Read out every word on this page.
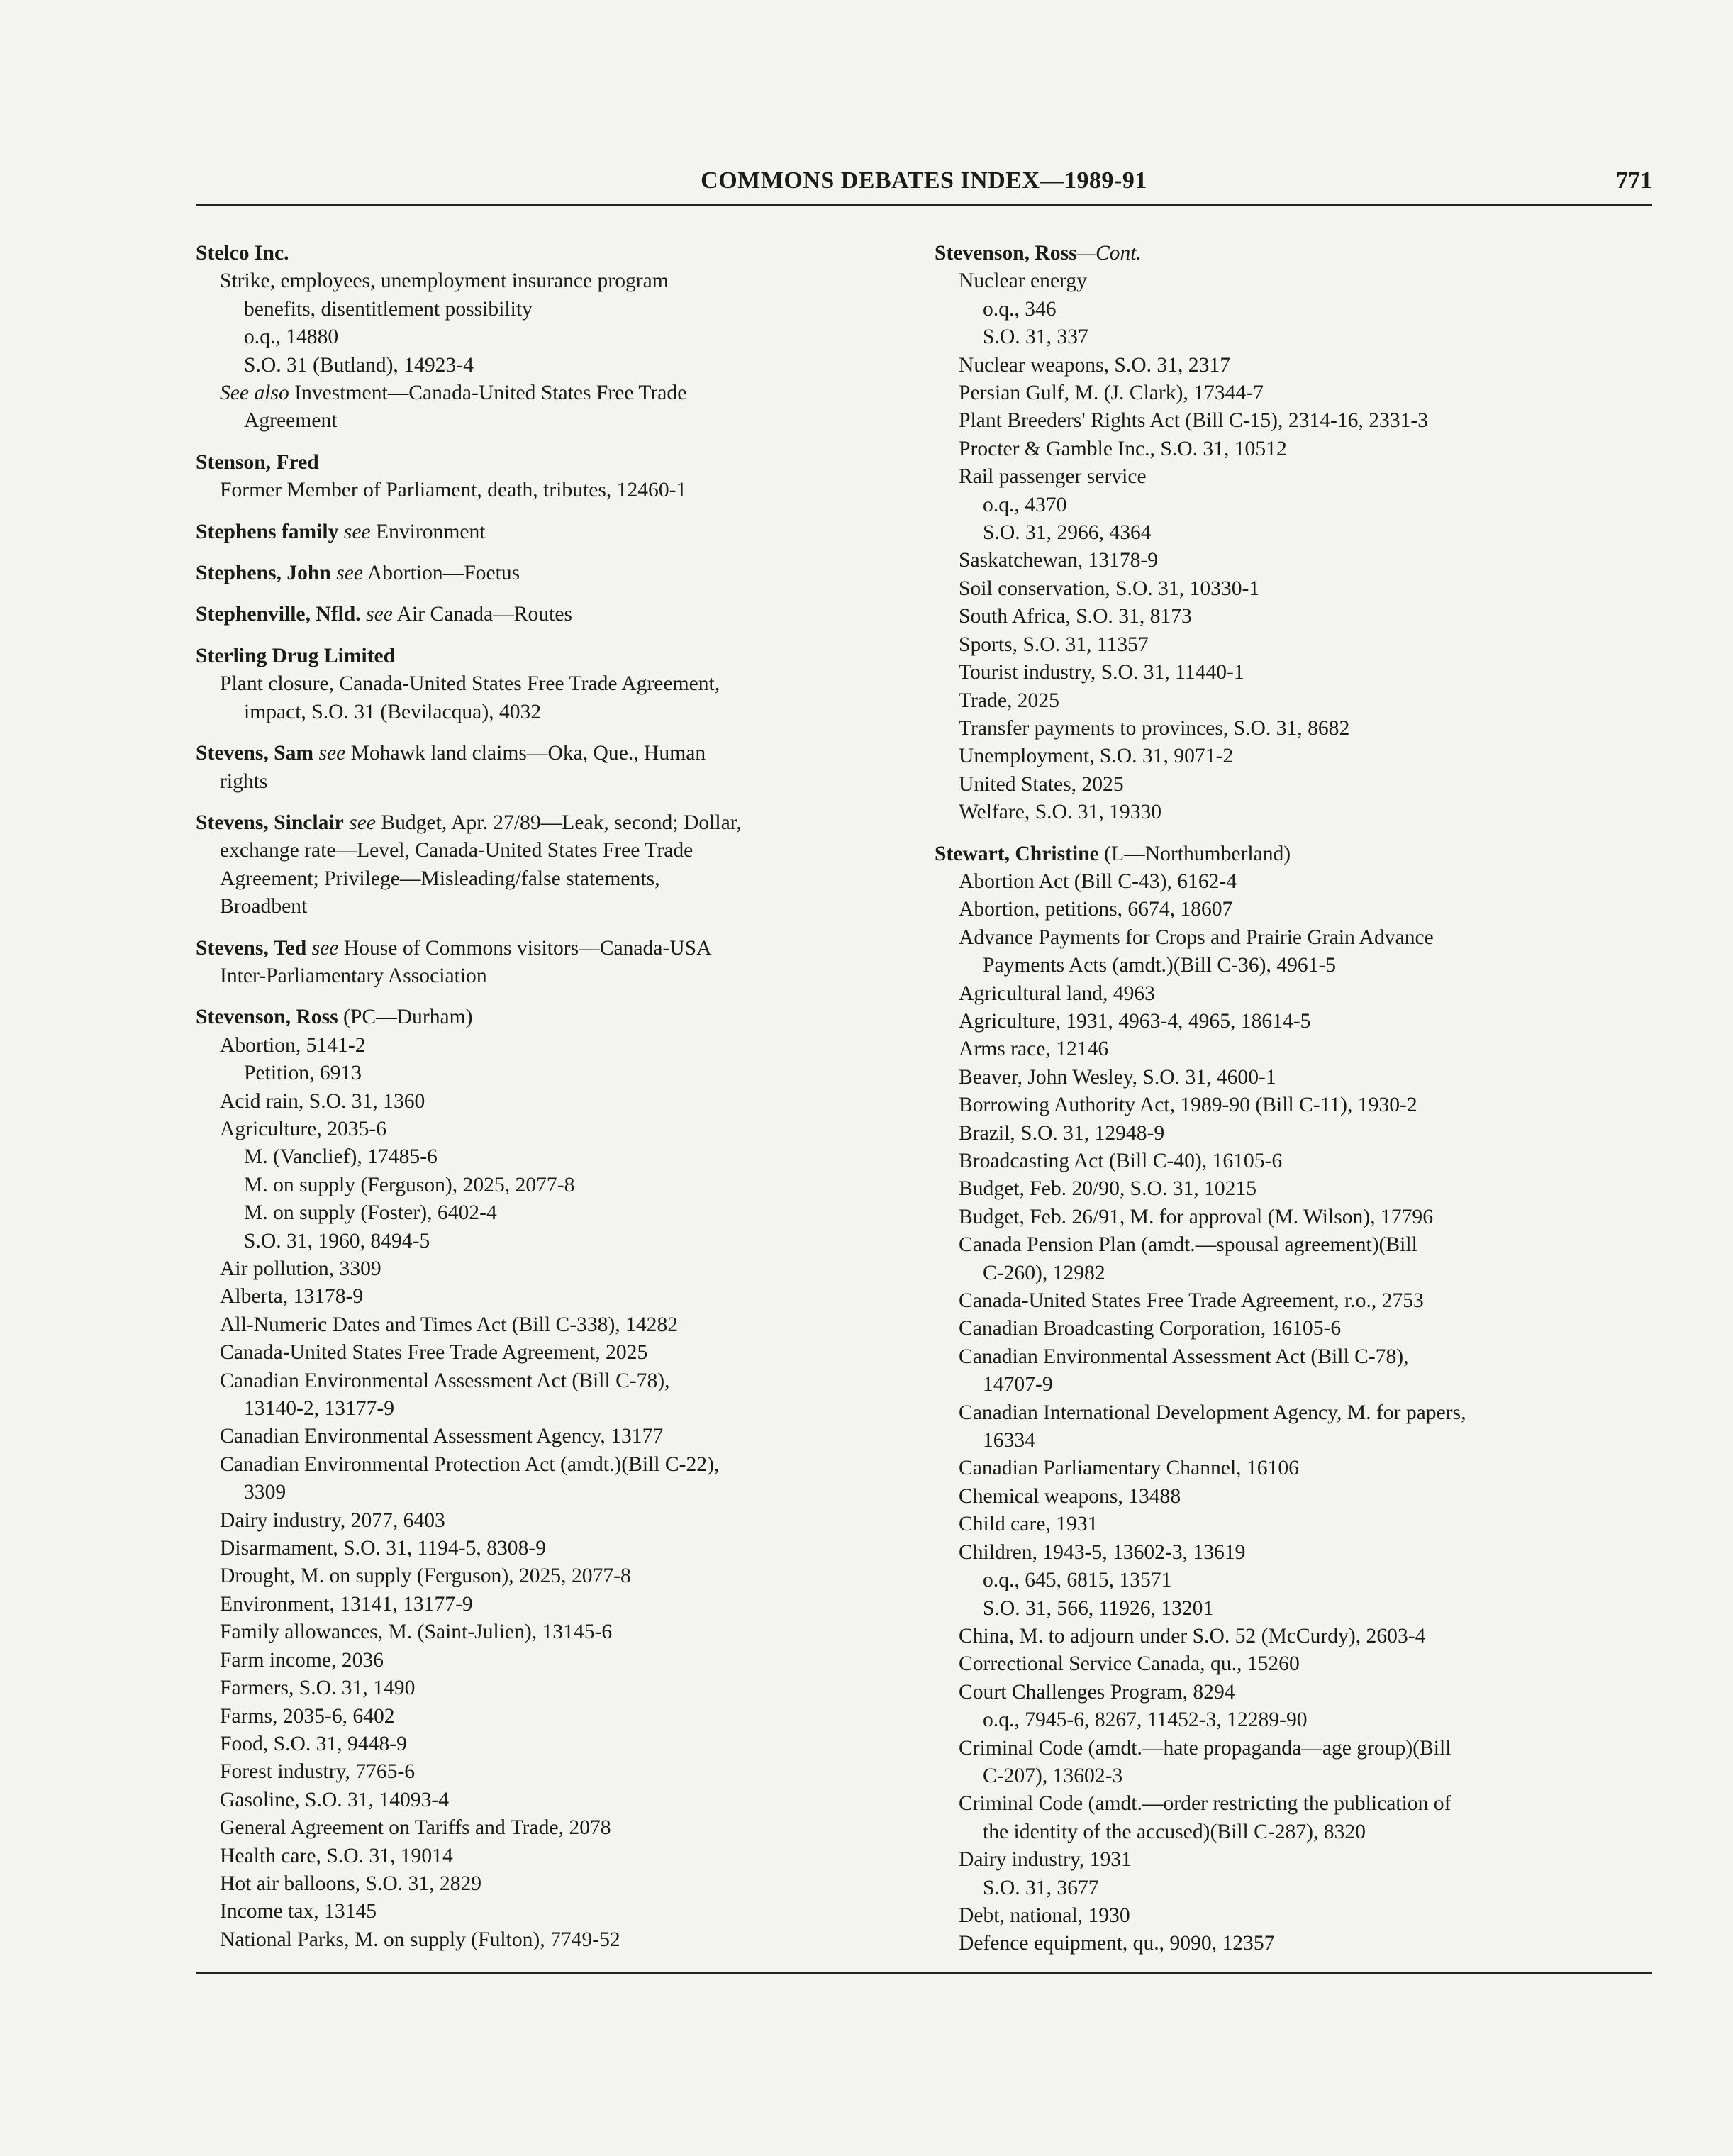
COMMONS DEBATES INDEX—1989-91	771
Stelco Inc.
Strike, employees, unemployment insurance program
benefits, disentitlement possibility
o.q., 14880
S.O. 31 (Butland), 14923-4
See also Investment—Canada-United States Free Trade
Agreement
Stenson, Fred
Former Member of Parliament, death, tributes, 12460-1
Stephens family see Environment
Stephens, John see Abortion—Foetus
Stephenville, Nfld. see Air Canada—Routes
Sterling Drug Limited
Plant closure, Canada-United States Free Trade Agreement,
impact, S.O. 31 (Bevilacqua), 4032
Stevens, Sam see Mohawk land claims—Oka, Que., Human
rights
Stevens, Sinclair see Budget, Apr. 27/89—Leak, second; Dollar,
exchange rate—Level, Canada-United States Free Trade
Agreement; Privilege—Misleading/false statements,
Broadbent
Stevens, Ted see House of Commons visitors—Canada-USA
Inter-Parliamentary Association
Stevenson, Ross (PC—Durham)
Abortion, 5141-2
Petition, 6913
Acid rain, S.O. 31, 1360
Agriculture, 2035-6
M. (Vanclief), 17485-6
M. on supply (Ferguson), 2025, 2077-8
M. on supply (Foster), 6402-4
S.O. 31, 1960, 8494-5
Air pollution, 3309
Alberta, 13178-9
All-Numeric Dates and Times Act (Bill C-338), 14282
Canada-United States Free Trade Agreement, 2025
Canadian Environmental Assessment Act (Bill C-78),
13140-2, 13177-9
Canadian Environmental Assessment Agency, 13177
Canadian Environmental Protection Act (amdt.)(Bill C-22),
3309
Dairy industry, 2077, 6403
Disarmament, S.O. 31, 1194-5, 8308-9
Drought, M. on supply (Ferguson), 2025, 2077-8
Environment, 13141, 13177-9
Family allowances, M. (Saint-Julien), 13145-6
Farm income, 2036
Farmers, S.O. 31, 1490
Farms, 2035-6, 6402
Food, S.O. 31, 9448-9
Forest industry, 7765-6
Gasoline, S.O. 31, 14093-4
General Agreement on Tariffs and Trade, 2078
Health care, S.O. 31, 19014
Hot air balloons, S.O. 31, 2829
Income tax, 13145
National Parks, M. on supply (Fulton), 7749-52
Stevenson, Ross—Cont.
Nuclear energy
o.q., 346
S.O. 31, 337
Nuclear weapons, S.O. 31, 2317
Persian Gulf, M. (J. Clark), 17344-7
Plant Breeders' Rights Act (Bill C-15), 2314-16, 2331-3
Procter & Gamble Inc., S.O. 31, 10512
Rail passenger service
o.q., 4370
S.O. 31, 2966, 4364
Saskatchewan, 13178-9
Soil conservation, S.O. 31, 10330-1
South Africa, S.O. 31, 8173
Sports, S.O. 31, 11357
Tourist industry, S.O. 31, 11440-1
Trade, 2025
Transfer payments to provinces, S.O. 31, 8682
Unemployment, S.O. 31, 9071-2
United States, 2025
Welfare, S.O. 31, 19330
Stewart, Christine (L—Northumberland)
Abortion Act (Bill C-43), 6162-4
Abortion, petitions, 6674, 18607
Advance Payments for Crops and Prairie Grain Advance
Payments Acts (amdt.)(Bill C-36), 4961-5
Agricultural land, 4963
Agriculture, 1931, 4963-4, 4965, 18614-5
Arms race, 12146
Beaver, John Wesley, S.O. 31, 4600-1
Borrowing Authority Act, 1989-90 (Bill C-11), 1930-2
Brazil, S.O. 31, 12948-9
Broadcasting Act (Bill C-40), 16105-6
Budget, Feb. 20/90, S.O. 31, 10215
Budget, Feb. 26/91, M. for approval (M. Wilson), 17796
Canada Pension Plan (amdt.—spousal agreement)(Bill
C-260), 12982
Canada-United States Free Trade Agreement, r.o., 2753
Canadian Broadcasting Corporation, 16105-6
Canadian Environmental Assessment Act (Bill C-78),
14707-9
Canadian International Development Agency, M. for papers,
16334
Canadian Parliamentary Channel, 16106
Chemical weapons, 13488
Child care, 1931
Children, 1943-5, 13602-3, 13619
o.q., 645, 6815, 13571
S.O. 31, 566, 11926, 13201
China, M. to adjourn under S.O. 52 (McCurdy), 2603-4
Correctional Service Canada, qu., 15260
Court Challenges Program, 8294
o.q., 7945-6, 8267, 11452-3, 12289-90
Criminal Code (amdt.—hate propaganda—age group)(Bill
C-207), 13602-3
Criminal Code (amdt.—order restricting the publication of
the identity of the accused)(Bill C-287), 8320
Dairy industry, 1931
S.O. 31, 3677
Debt, national, 1930
Defence equipment, qu., 9090, 12357
